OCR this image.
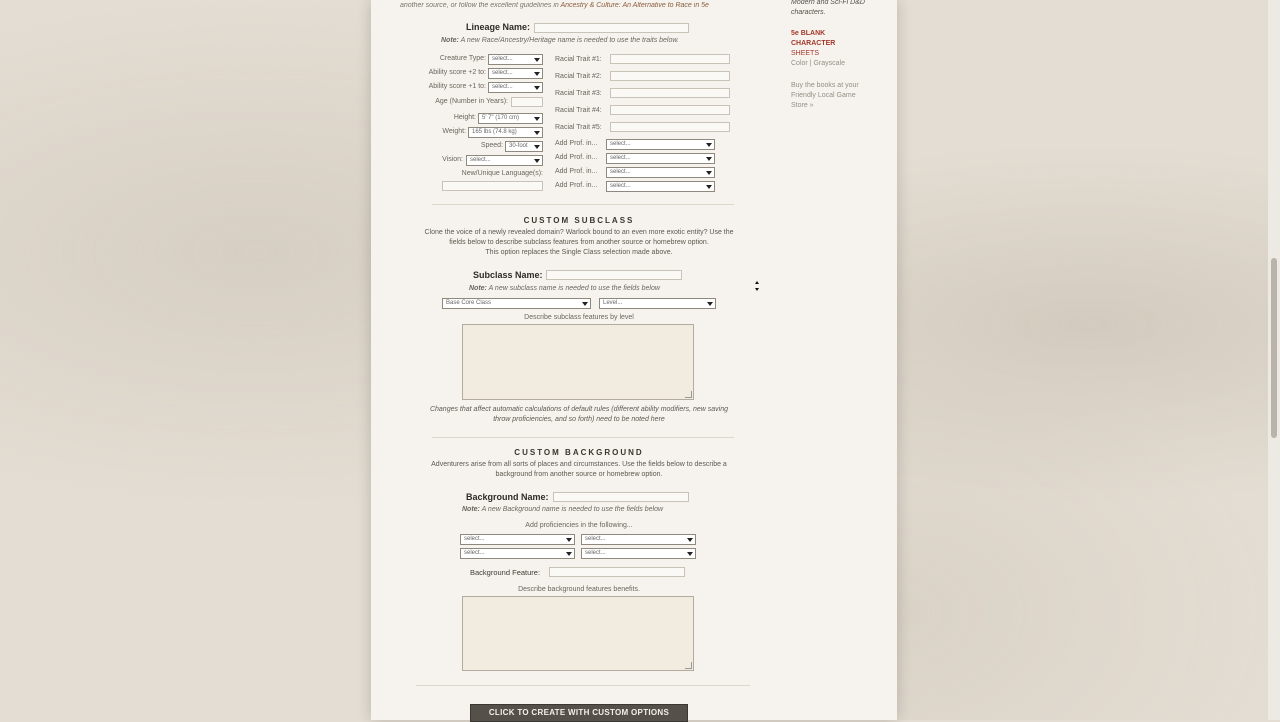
another source, or follow the excellent guidelines in Ancestry & Culture: An Alternative to Race in 5e
Lineage Name:
Note: A new Race/Ancestry/Heritage name is needed to use the traits below.
Creature Type:	select...
Ability score +2 to:	select...
Ability score +1 to:	select...
Age (Number in Years):
Height:	5' 7" (170 cm)
Weight:	165 lbs (74.8 kg)
Speed:	30-foot
Vision:	select...
New/Unique Language(s):
Racial Trait #1:
Racial Trait #2:
Racial Trait #3:
Racial Trait #4:
Racial Trait #5:
Add Prof. in...	select...
Add Prof. in...	select...
Add Prof. in...	select...
Add Prof. in...	select...
CUSTOM SUBCLASS
Clone the voice of a newly revealed domain? Warlock bound to an even more exotic entity? Use the
fields below to describe subclass features from another source or homebrew option.
This option replaces the Single Class selection made above.
Subclass Name:
Note: A new subclass name is needed to use the fields below
Base Core Class	Level...
Describe subclass features by level
Changes that affect automatic calculations of default rules (different ability modifiers, new saving
throw proficiencies, and so forth) need to be noted here
CUSTOM BACKGROUND
Adventurers arise from all sorts of places and circumstances. Use the fields below to describe a
background from another source or homebrew option.
Background Name:
Note: A new Background name is needed to use the fields below
Add proficiencies in the following...
select...	select...
select...	select...
Background Feature:
Describe background features benefits.
CLICK TO CREATE WITH CUSTOM OPTIONS
Modern and Sci-Fi D&D
characters.
5e BLANK
CHARACTER
SHEETS
Color | Grayscale
Buy the books at your
Friendly Local Game
Store »
